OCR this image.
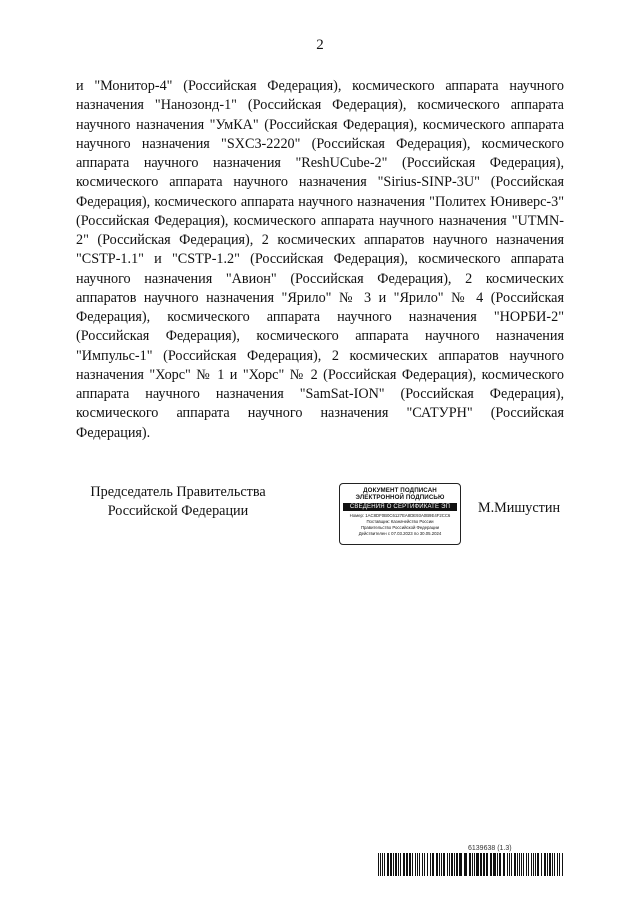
2
и "Монитор-4" (Российская Федерация), космического аппарата научного назначения "Нанозонд-1" (Российская Федерация), космического аппарата научного назначения "УмКА" (Российская Федерация), космического аппарата научного назначения "SXC3-2220" (Российская Федерация), космического аппарата научного назначения "ReshUCube-2" (Российская Федерация), космического аппарата научного назначения "Sirius-SINP-3U" (Российская Федерация), космического аппарата научного назначения "Политех Юниверс-3" (Российская Федерация), космического аппарата научного назначения "UTMN-2" (Российская Федерация), 2 космических аппаратов научного назначения "CSTP-1.1" и "CSTP-1.2" (Российская Федерация), космического аппарата научного назначения "Авион" (Российская Федерация), 2 космических аппаратов научного назначения "Ярило" № 3 и "Ярило" № 4 (Российская Федерация), космического аппарата научного назначения "НОРБИ-2" (Российская Федерация), космического аппарата научного назначения "Импульс-1" (Российская Федерация), 2 космических аппаратов научного назначения "Хорс" № 1 и "Хорс" № 2 (Российская Федерация), космического аппарата научного назначения "SamSat-ION" (Российская Федерация), космического аппарата научного назначения "САТУРН" (Российская Федерация).
Председатель Правительства
Российской Федерации
ДОКУМЕНТ ПОДПИСАН
ЭЛЕКТРОННОЙ ПОДПИСЬЮ
СВЕДЕНИЯ О СЕРТИФИКАТЕ ЭП
Номер: 1AC8DF0B0C6127EA8DE93A0B9E4F2CC6
Поставщик: Казначейство России
Правительство Российской Федерации
Действителен с 07.03.2023 по 30.05.2024
М.Мишустин
6139638 (1.3)
